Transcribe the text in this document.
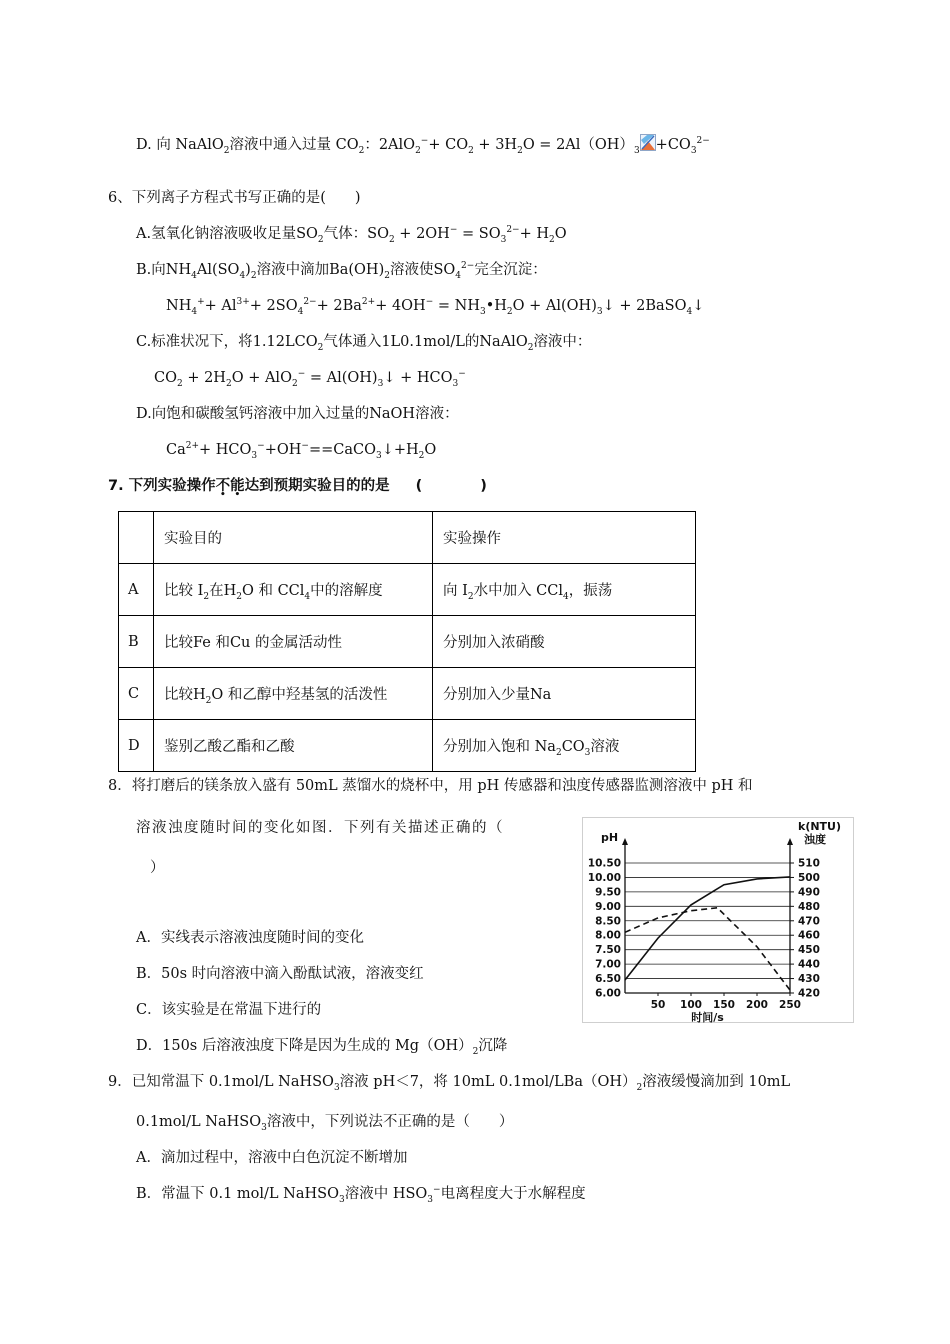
D. 向 NaAlO$_2$溶液中通入过量 $CO_2$：$2AlO_2^-+ CO_2 + 3H_2O = 2Al(OH)_3 +CO_3^{2-}$
6、下列离子方程式书写正确的是(　　)
A.氢氧化钠溶液吸收足量$SO_2$气体：$SO_2 + 2OH^- = SO_3^{2-}+ H_2O$
B.向$NH_4Al(SO_4)_2$溶液中滴加$Ba(OH)_2$溶液使$SO_4^{2-}$完全沉淀：
$NH_4^++ Al^{3+}+ 2SO_4^{2-}+ 2Ba^{2+}+ 4OH^-$ = $NH_3•H_2O$ + $Al(OH)_3↓$ + 2BaSO$_4$↓
C.标准状况下，将$1.12LCO_2$气体通入1L0.1mol/L的NaAlO$_2$溶液中：
$CO_2 + 2H_2O + AlO_2^-$ = $Al(OH)_3↓ + HCO_3^-$
D.向饱和碳酸氢钙溶液中加入过量的NaOH溶液：
$Ca^{2+}+$ $HCO_3^-+OH^-==CaCO_3↓+H_2O$
7. 下列实验操作不能达到预期实验目的的是 (　　　　)
	实验目的	实验操作
A	比较 $I_2$在$H_2O$ 和 CCl$_4$中的溶解度	向 $I_2$水中加入 CCl$_4$，振荡
B	比较Fe 和Cu 的金属活动性	分别加入浓硝酸
C	比较$H_2O$ 和乙醇中羟基氢的活泼性	分别加入少量Na
D	鉴别乙酸乙酯和乙酸	分别加入饱和 $Na_2CO_3$溶液
8．将打磨后的镁条放入盛有 50mL 蒸馏水的烧杯中，用 pH 传感器和浊度传感器监测溶液中 pH 和
溶液浊度随时间的变化如图．下列有关描述正确的（
）
A．实线表示溶液浊度随时间的变化
B．50s 时向溶液中滴入酚酞试液，溶液变红
C．该实验是在常温下进行的
D．150s 后溶液浊度下降是因为生成的 $Mg(OH)_2$沉降
10.50	510
10.00	500
9.50	490
9.00	480
8.50	470
8.00	460
7.50	450
7.00	440
6.50	430
6.00	420
50 100 150 200 250
时间/s
pH
k(NTU)
浊度
9．已知常温下 0.1mol/L NaHSO$_3$溶液 pH＜7，将 10mL $0.1mol/LBa(OH)_2$溶液缓慢滴加到 10mL
0.1mol/L NaHSO$_3$溶液中，下列说法不正确的是（　　）
A．滴加过程中，溶液中白色沉淀不断增加
B．常温下 0.1 mol/L NaHSO$_3$溶液中 $HSO_3^-$电离程度大于水解程度
